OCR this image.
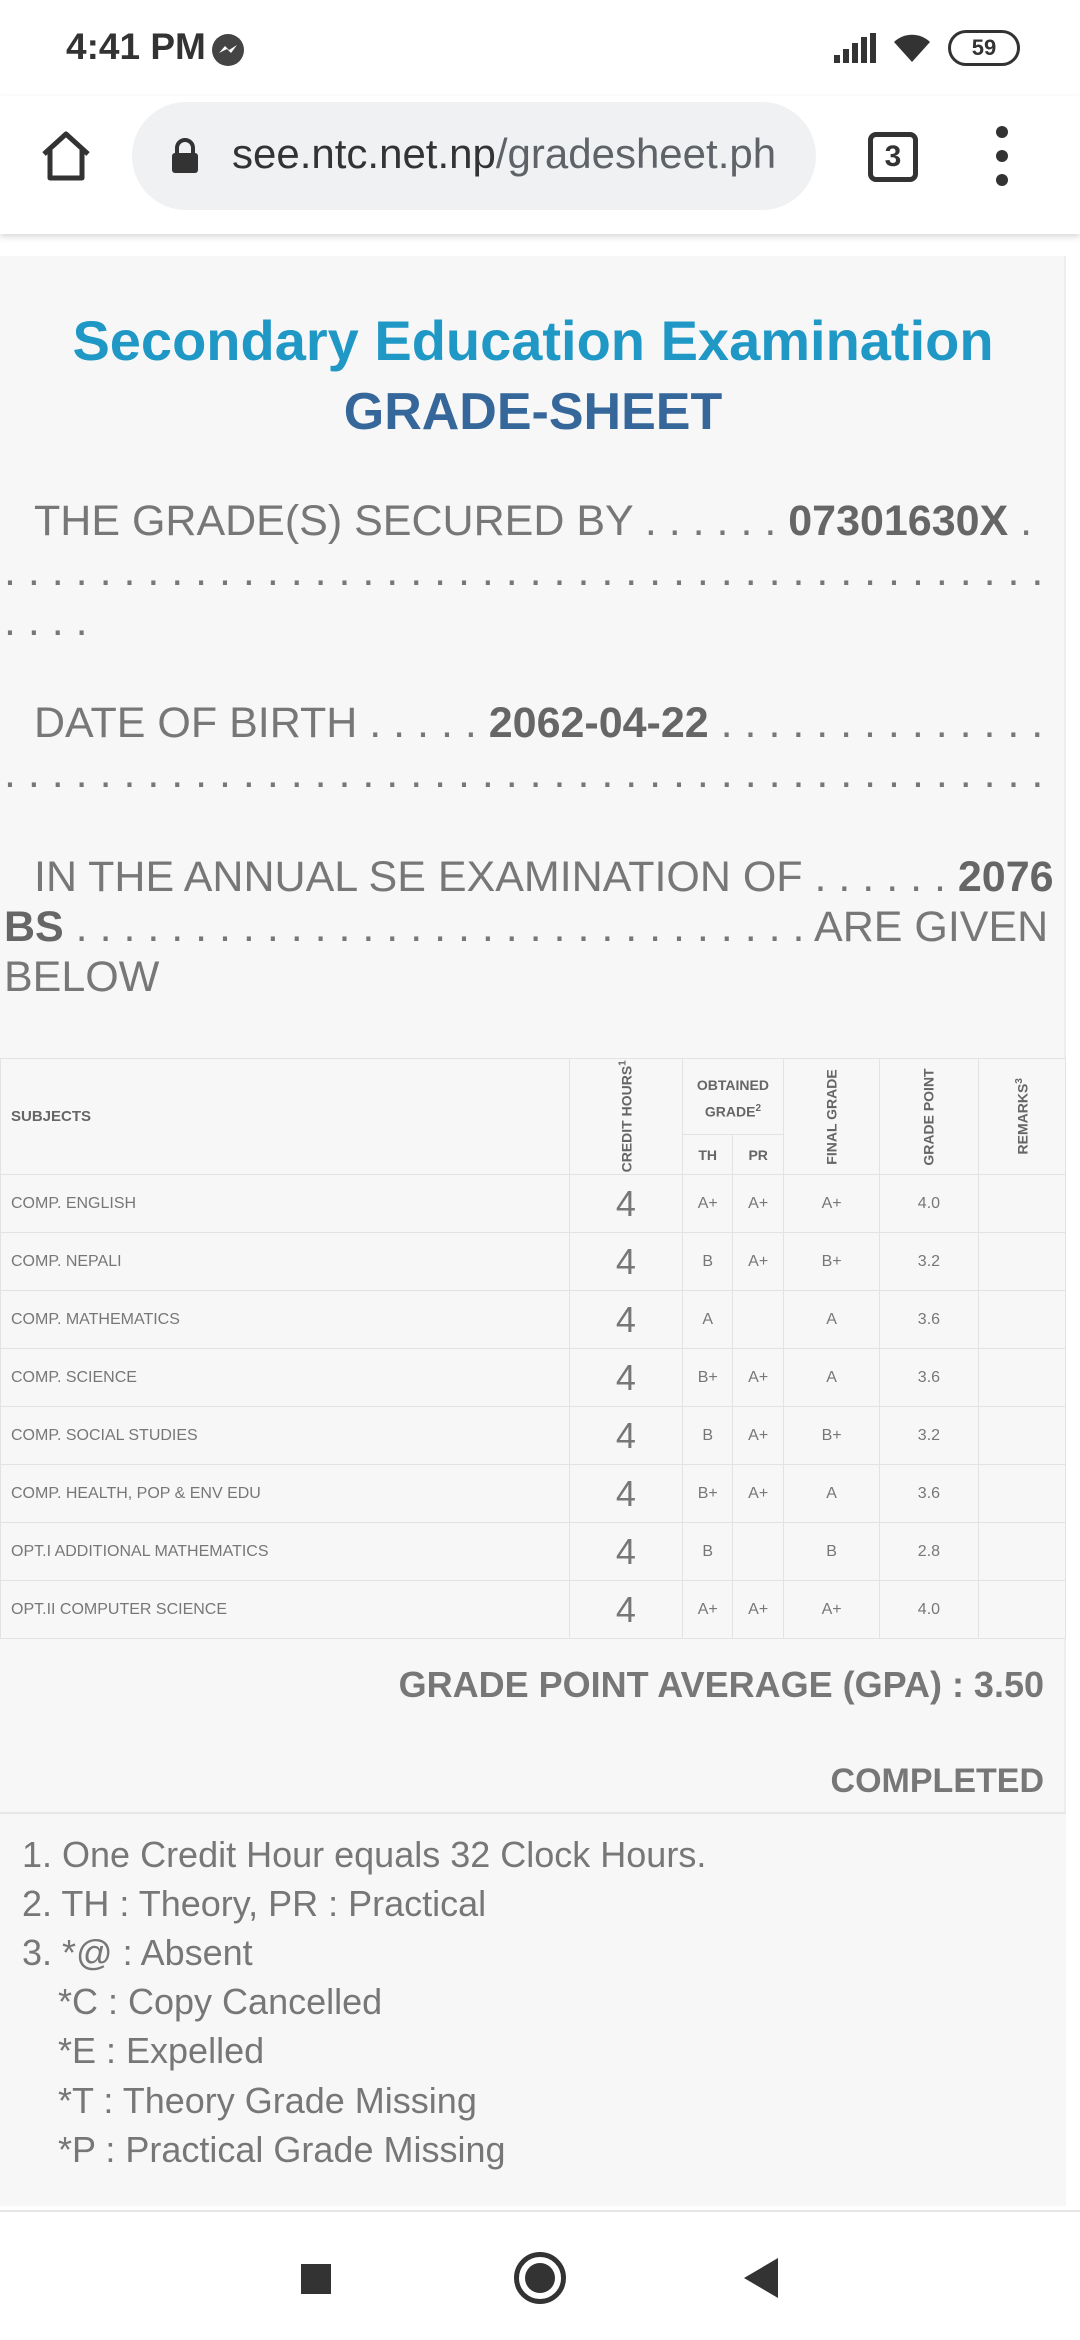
4:41 PM	59
see.ntc.net.np/gradesheet.ph	3
Secondary Education Examination
GRADE-SHEET
THE GRADE(S) SECURED BY . . . . . . 07301630X . . . . . . . . . . . . . . . . . . . . . . . . . . . . . . . . . . . . . . . . . . . . . . . . .
DATE OF BIRTH . . . . . 2062-04-22 . . . . . . . . . . . . . . . . . . . . . . . . . . . . . . . . . . . . . . . . . . . . . . . . . . . . . . . . . .
IN THE ANNUAL SE EXAMINATION OF . . . . . . 2076 BS . . . . . . . . . . . . . . . . . . . . . . . . . . . . . . . ARE GIVEN BELOW
SUBJECTS	CREDIT HOURS$^1$	OBTAINED GRADE$^2$		FINAL GRADE	GRADE POINT	REMARKS$^3$
		TH	PR			
COMP. ENGLISH	4	A+	A+	A+	4.0	
COMP. NEPALI	4	B	A+	B+	3.2	
COMP. MATHEMATICS	4	A		A	3.6	
COMP. SCIENCE	4	B+	A+	A	3.6	
COMP. SOCIAL STUDIES	4	B	A+	B+	3.2	
COMP. HEALTH, POP & ENV EDU	4	B+	A+	A	3.6	
OPT.I ADDITIONAL MATHEMATICS	4	B		B	2.8	
OPT.II COMPUTER SCIENCE	4	A+	A+	A+	4.0	
GRADE POINT AVERAGE (GPA) : 3.50
COMPLETED
1. One Credit Hour equals 32 Clock Hours.
2. TH : Theory, PR : Practical
3. *@ : Absent
*C : Copy Cancelled
*E : Expelled
*T : Theory Grade Missing
*P : Practical Grade Missing
